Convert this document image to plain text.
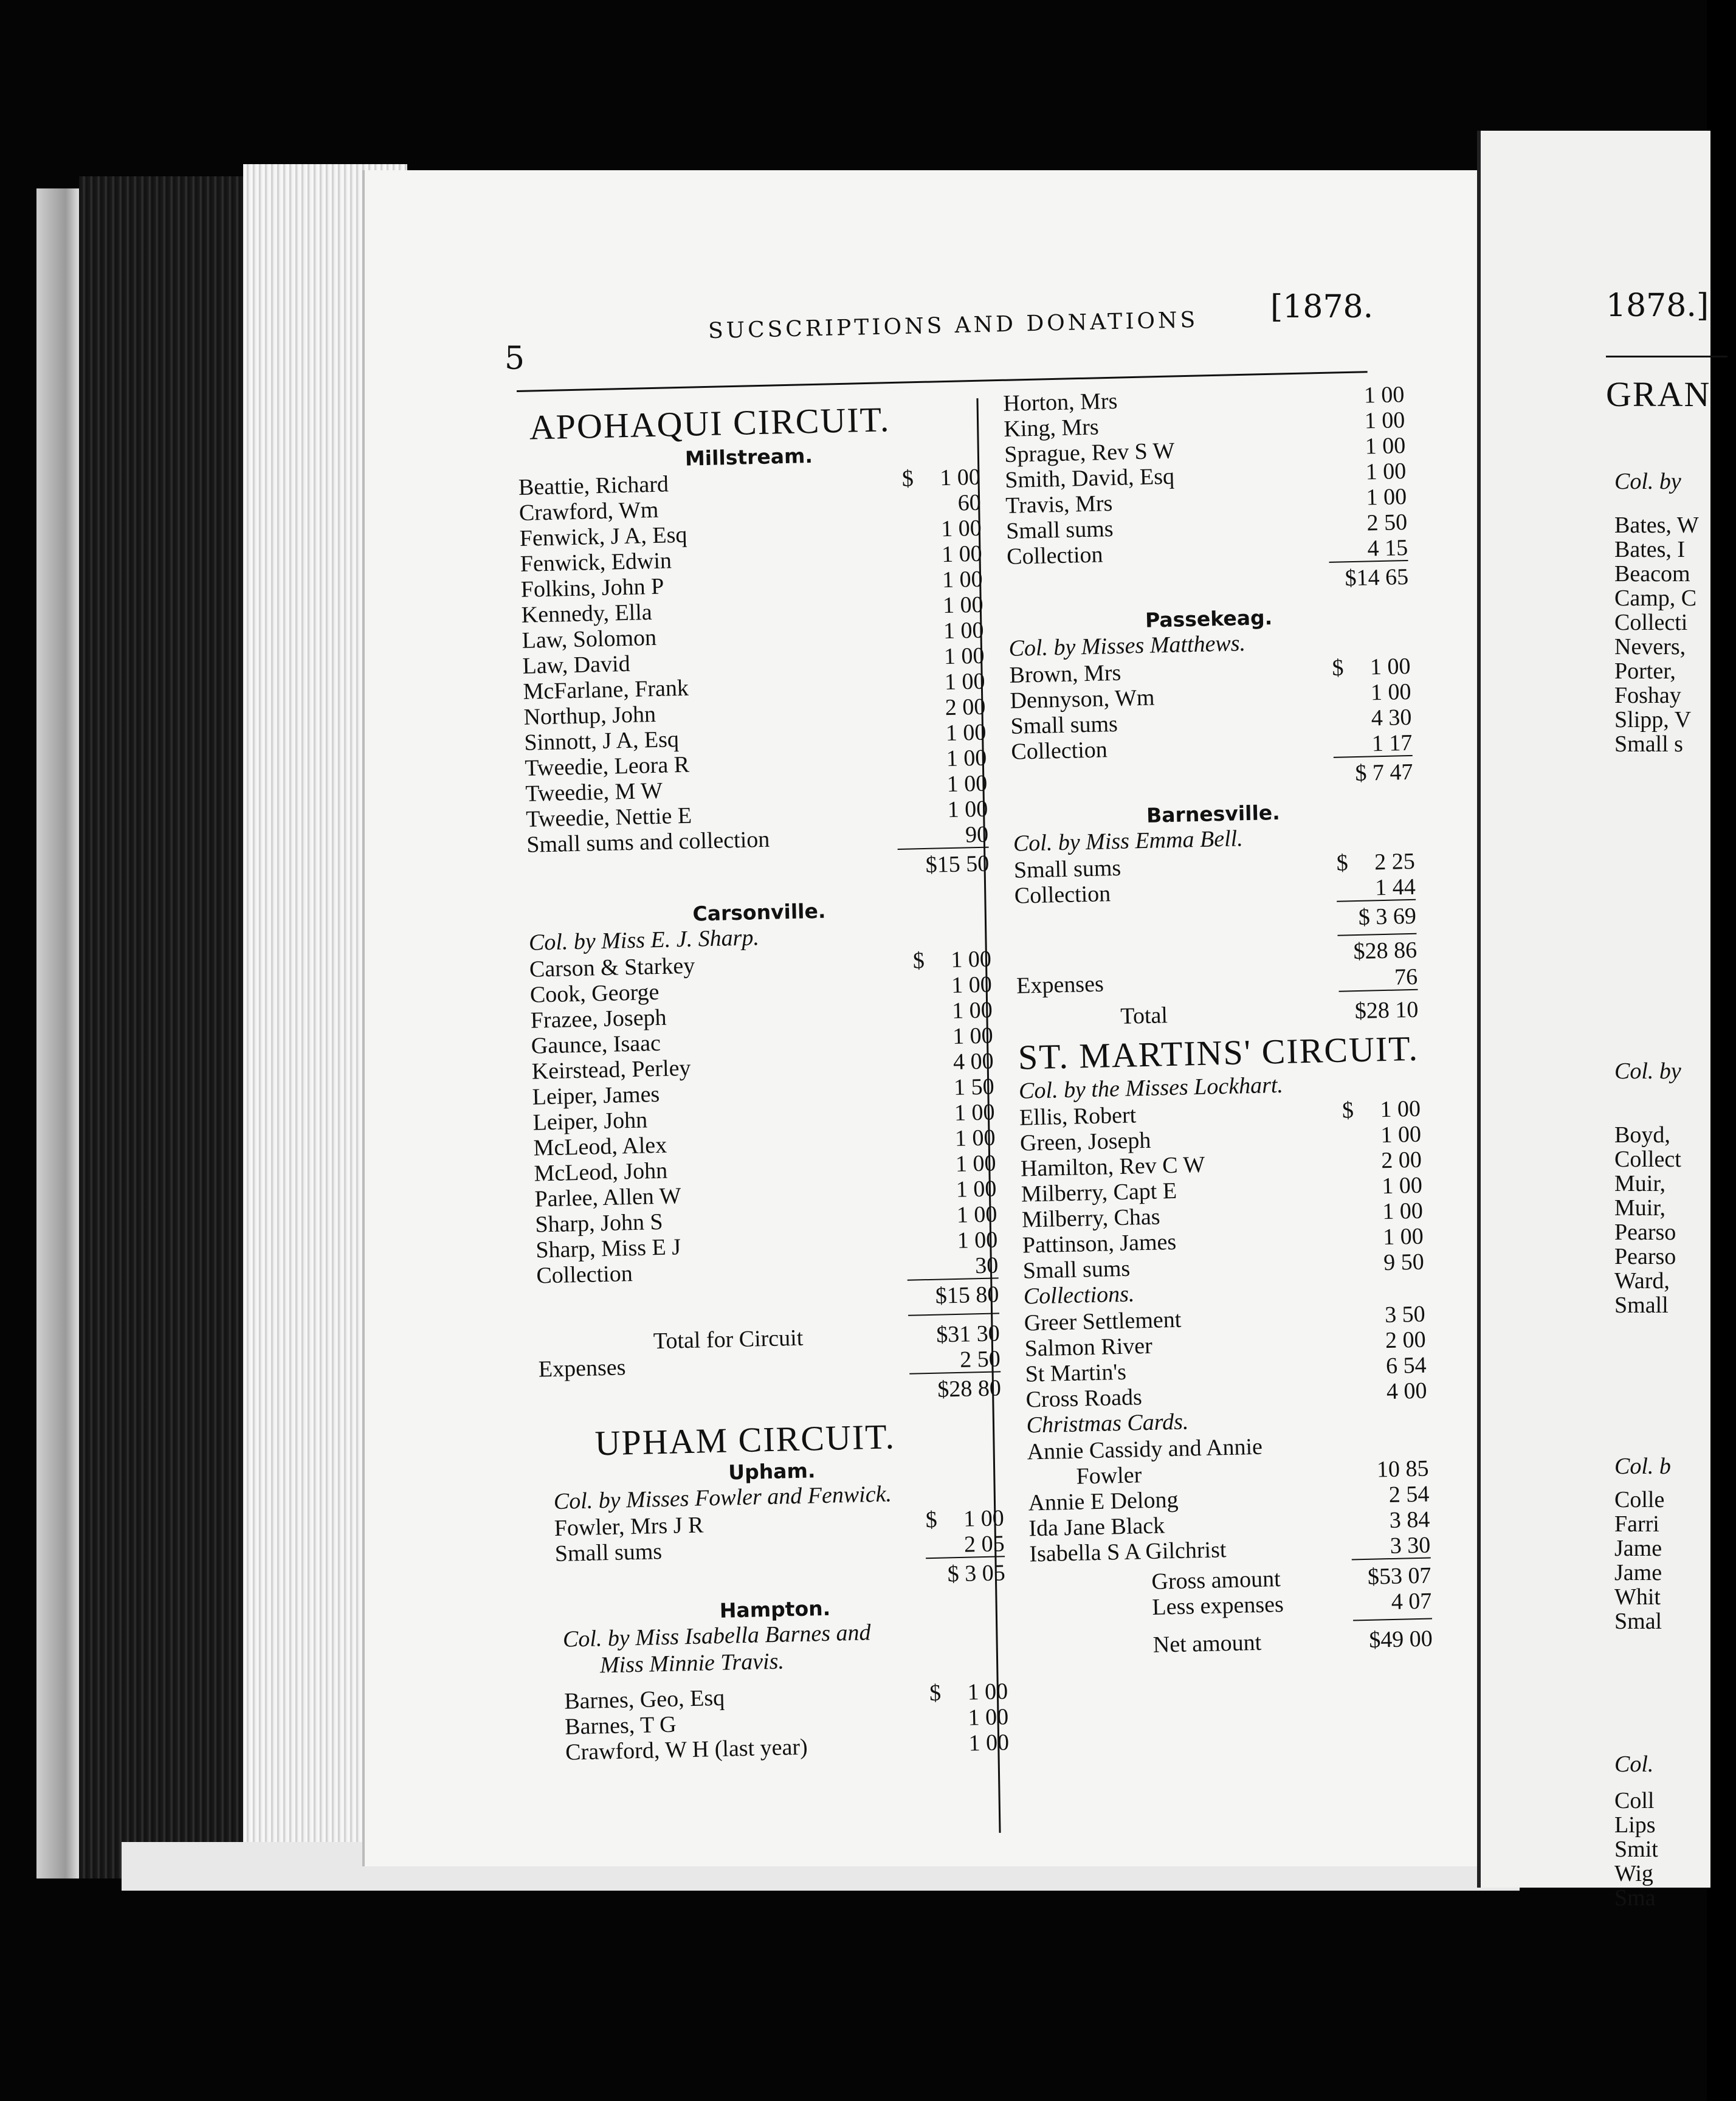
5
SUCSCRIPTIONS AND DONATIONS
[1878.
APOHAQUI CIRCUIT.
Millstream.
Beattie, Richard	$ 1 00
Crawford, Wm	60
Fenwick, J A, Esq	1 00
Fenwick, Edwin	1 00
Folkins, John P	1 00
Kennedy, Ella	1 00
Law, Solomon	1 00
Law, David	1 00
McFarlane, Frank	1 00
Northup, John	2 00
Sinnott, J A, Esq	1 00
Tweedie, Leora R	1 00
Tweedie, M W	1 00
Tweedie, Nettie E	1 00
Small sums and collection	90
$15 50
Carsonville.
Col. by Miss E. J. Sharp.
Carson & Starkey	$ 1 00
Cook, George	1 00
Frazee, Joseph	1 00
Gaunce, Isaac	1 00
Keirstead, Perley	4 00
Leiper, James	1 50
Leiper, John	1 00
McLeod, Alex	1 00
McLeod, John	1 00
Parlee, Allen W	1 00
Sharp, John S	1 00
Sharp, Miss E J	1 00
Collection	30
$15 80
Total for Circuit	$31 30
Expenses	2 50
$28 80
UPHAM CIRCUIT.
Upham.
Col. by Misses Fowler and Fenwick.
Fowler, Mrs J R	$ 1 00
Small sums	2 05
$ 3 05
Hampton.
Col. by Miss Isabella Barnes and
Miss Minnie Travis.
Barnes, Geo, Esq	$ 1 00
Barnes, T G	1 00
Crawford, W H (last year)	1 00
Horton, Mrs	1 00
King, Mrs	1 00
Sprague, Rev S W	1 00
Smith, David, Esq	1 00
Travis, Mrs	1 00
Small sums	2 50
Collection	4 15
$14 65
Passekeag.
Col. by Misses Matthews.
Brown, Mrs	$ 1 00
Dennyson, Wm	1 00
Small sums	4 30
Collection	1 17
$ 7 47
Barnesville.
Col. by Miss Emma Bell.
Small sums	$ 2 25
Collection	1 44
$ 3 69
$28 86
Expenses	76
Total	$28 10
ST. MARTINS' CIRCUIT.
Col. by the Misses Lockhart.
Ellis, Robert	$ 1 00
Green, Joseph	1 00
Hamilton, Rev C W	2 00
Milberry, Capt E	1 00
Milberry, Chas	1 00
Pattinson, James	1 00
Small sums	9 50
Collections.
Greer Settlement	3 50
Salmon River	2 00
St Martin's	6 54
Cross Roads	4 00
Christmas Cards.
Annie Cassidy and Annie
Fowler	10 85
Annie E Delong	2 54
Ida Jane Black	3 84
Isabella S A Gilchrist	3 30
Gross amount	$53 07
Less expenses	4 07
Net amount	$49 00
1878.]
GRAN
Col. by
Bates, W
Bates, I
Beacom
Camp, C
Collecti
Nevers,
Porter,
Foshay
Slipp, V
Small s
Col. by
Boyd,
Collect
Muir,
Muir,
Pearso
Pearso
Ward,
Small
Col. b
Colle
Farri
Jame
Jame
Whit
Smal
Col.
Coll
Lips
Smit
Wig
Sma
